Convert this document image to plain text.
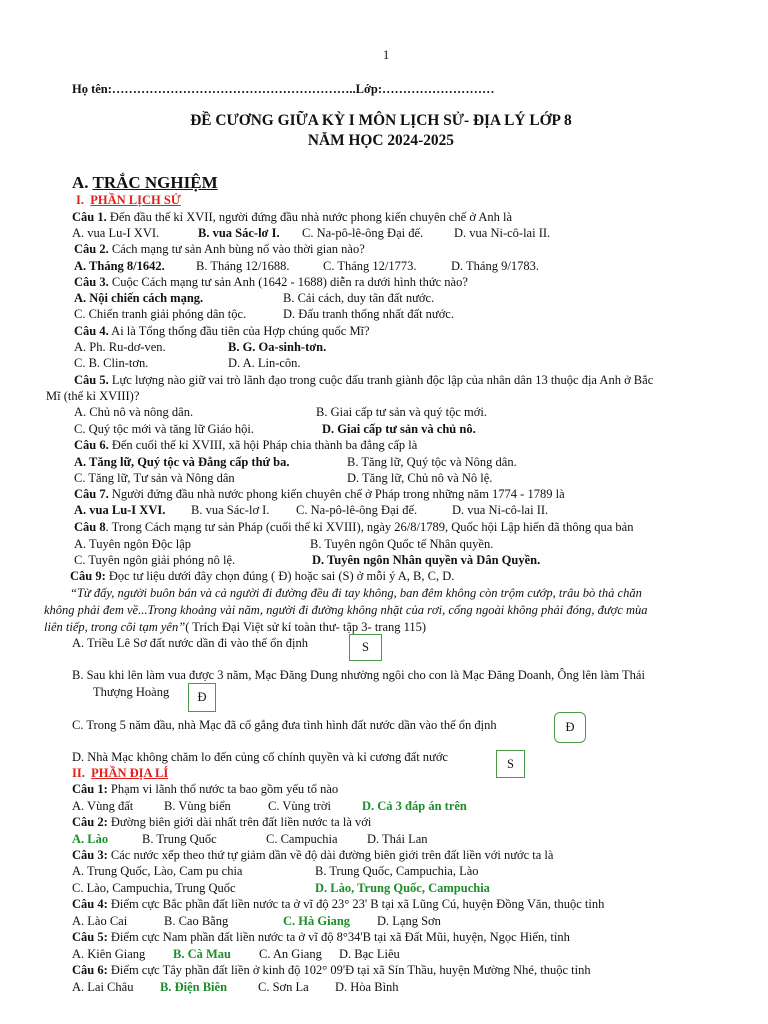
1
Họ tên:…………………………………………………..Lớp:………………………
ĐỀ CƯƠNG GIỮA KỲ I MÔN LỊCH SỬ- ĐỊA LÝ LỚP 8
NĂM HỌC 2024-2025
A. TRẮC NGHIỆM
I. PHẦN LỊCH SỬ
Câu 1. Đến đầu thế kỉ XVII, người đứng đầu nhà nước phong kiến chuyên chế ở Anh là
A. vua Lu-I XVI.	B. vua Sác-lơ I. C. Na-pô-lê-ông Đại đế. D. vua Ni-cô-lai II.
Câu 2. Cách mạng tư sản Anh bùng nổ vào thời gian nào?
A. Tháng 8/1642. B. Tháng 12/1688.	C. Tháng 12/1773.	D. Tháng 9/1783.
Câu 3. Cuộc Cách mạng tư sản Anh (1642 - 1688) diễn ra dưới hình thức nào?
A. Nội chiến cách mạng.	B. Cải cách, duy tân đất nước.
C. Chiến tranh giải phóng dân tộc.	D. Đấu tranh thống nhất đất nước.
Câu 4. Ai là Tổng thống đầu tiên của Hợp chúng quốc Mĩ?
A. Ph. Ru-dơ-ven.	B. G. Oa-sinh-tơn.
C. B. Clin-tơn.	D. A. Lin-côn.
Câu 5. Lực lượng nào giữ vai trò lãnh đạo trong cuộc đấu tranh giành độc lập của nhân dân 13 thuộc địa Anh ở Bắc
Mĩ (thế kỉ XVIII)?
A. Chủ nô và nông dân.	B. Giai cấp tư sản và quý tộc mới.
C. Quý tộc mới và tăng lữ Giáo hội.	D. Giai cấp tư sản và chủ nô.
Câu 6. Đến cuối thế kỉ XVIII, xã hội Pháp chia thành ba đẳng cấp là
A. Tăng lữ, Quý tộc và Đẳng cấp thứ ba.	B. Tăng lữ, Quý tộc và Nông dân.
C. Tăng lữ, Tư sản và Nông dân	D. Tăng lữ, Chủ nô và Nô lệ.
Câu 7. Người đứng đầu nhà nước phong kiến chuyên chế ở Pháp trong những năm 1774 - 1789 là
A. vua Lu-I XVI. B. vua Sác-lơ I. C. Na-pô-lê-ông Đại đế.	D. vua Ni-cô-lai II.
Câu 8. Trong Cách mạng tư sản Pháp (cuối thế kỉ XVIII), ngày 26/8/1789, Quốc hội Lập hiến đã thông qua bản
A. Tuyên ngôn Độc lập	B. Tuyên ngôn Quốc tế Nhân quyền.
C. Tuyên ngôn giải phóng nô lệ.	D. Tuyên ngôn Nhân quyền và Dân Quyền.
Câu 9: Đọc tư liệu dưới đây chọn đúng ( Đ) hoặc sai (S) ở mỗi ý A, B, C, D.
“Từ đấy, người buôn bán và cả người đi đường đều đi tay không, ban đêm không còn trộm cướp, trâu bò thả chăn
không phải đem về...Trong khoảng vài năm, người đi đường không nhặt của rơi, cổng ngoài không phải đóng, được mùa
liên tiếp, trong cõi tạm yên”( Trích Đại Việt sử kí toàn thư- tập 3- trang 115)
A. Triều Lê Sơ đất nước dần đi vào thế ổn định	S
B. Sau khi lên làm vua được 3 năm, Mạc Đăng Dung nhường ngôi cho con là Mạc Đăng Doanh, Ông lên làm Thái
Thượng Hoàng	Đ
C. Trong 5 năm đầu, nhà Mạc đã cố gắng đưa tình hình đất nước dần vào thế ổn định	Đ
D. Nhà Mạc không chăm lo đến củng cố chính quyền và kỉ cương đất nước	S
II. PHẦN ĐỊA LÍ
Câu 1: Phạm vi lãnh thổ nước ta bao gồm yếu tố nào
A. Vùng đất B. Vùng biển	C. Vùng trời D. Cả 3 đáp án trên
Câu 2: Đường biên giới dài nhất trên đất liền nước ta là với
A. Lào	B. Trung Quốc	C. Campuchia D. Thái Lan
Câu 3: Các nước xếp theo thứ tự giảm dần về độ dài đường biên giới trên đất liền với nước ta là
A. Trung Quốc, Lào, Cam pu chia	B. Trung Quốc, Campuchia, Lào
C. Lào, Campuchia, Trung Quốc	D. Lào, Trung Quốc, Campuchia
Câu 4: Điểm cực Bắc phần đất liền nước ta ở vĩ độ 23° 23' B tại xã Lũng Cú, huyện Đồng Văn, thuộc tỉnh
A. Lào Cai	B. Cao Bằng	C. Hà Giang D. Lạng Sơn
Câu 5: Điểm cực Nam phần đất liền nước ta ở vĩ độ 8°34'B tại xã Đất Mũi, huyện, Ngọc Hiển, tỉnh
A. Kiên Giang B. Cà Mau C. An Giang D. Bạc Liêu
Câu 6: Điểm cực Tây phần đất liền ở kinh độ 102° 09'Đ tại xã Sín Thầu, huyện Mường Nhé, thuộc tỉnh
A. Lai Châu B. Điện Biên C. Sơn La D. Hòa Bình
